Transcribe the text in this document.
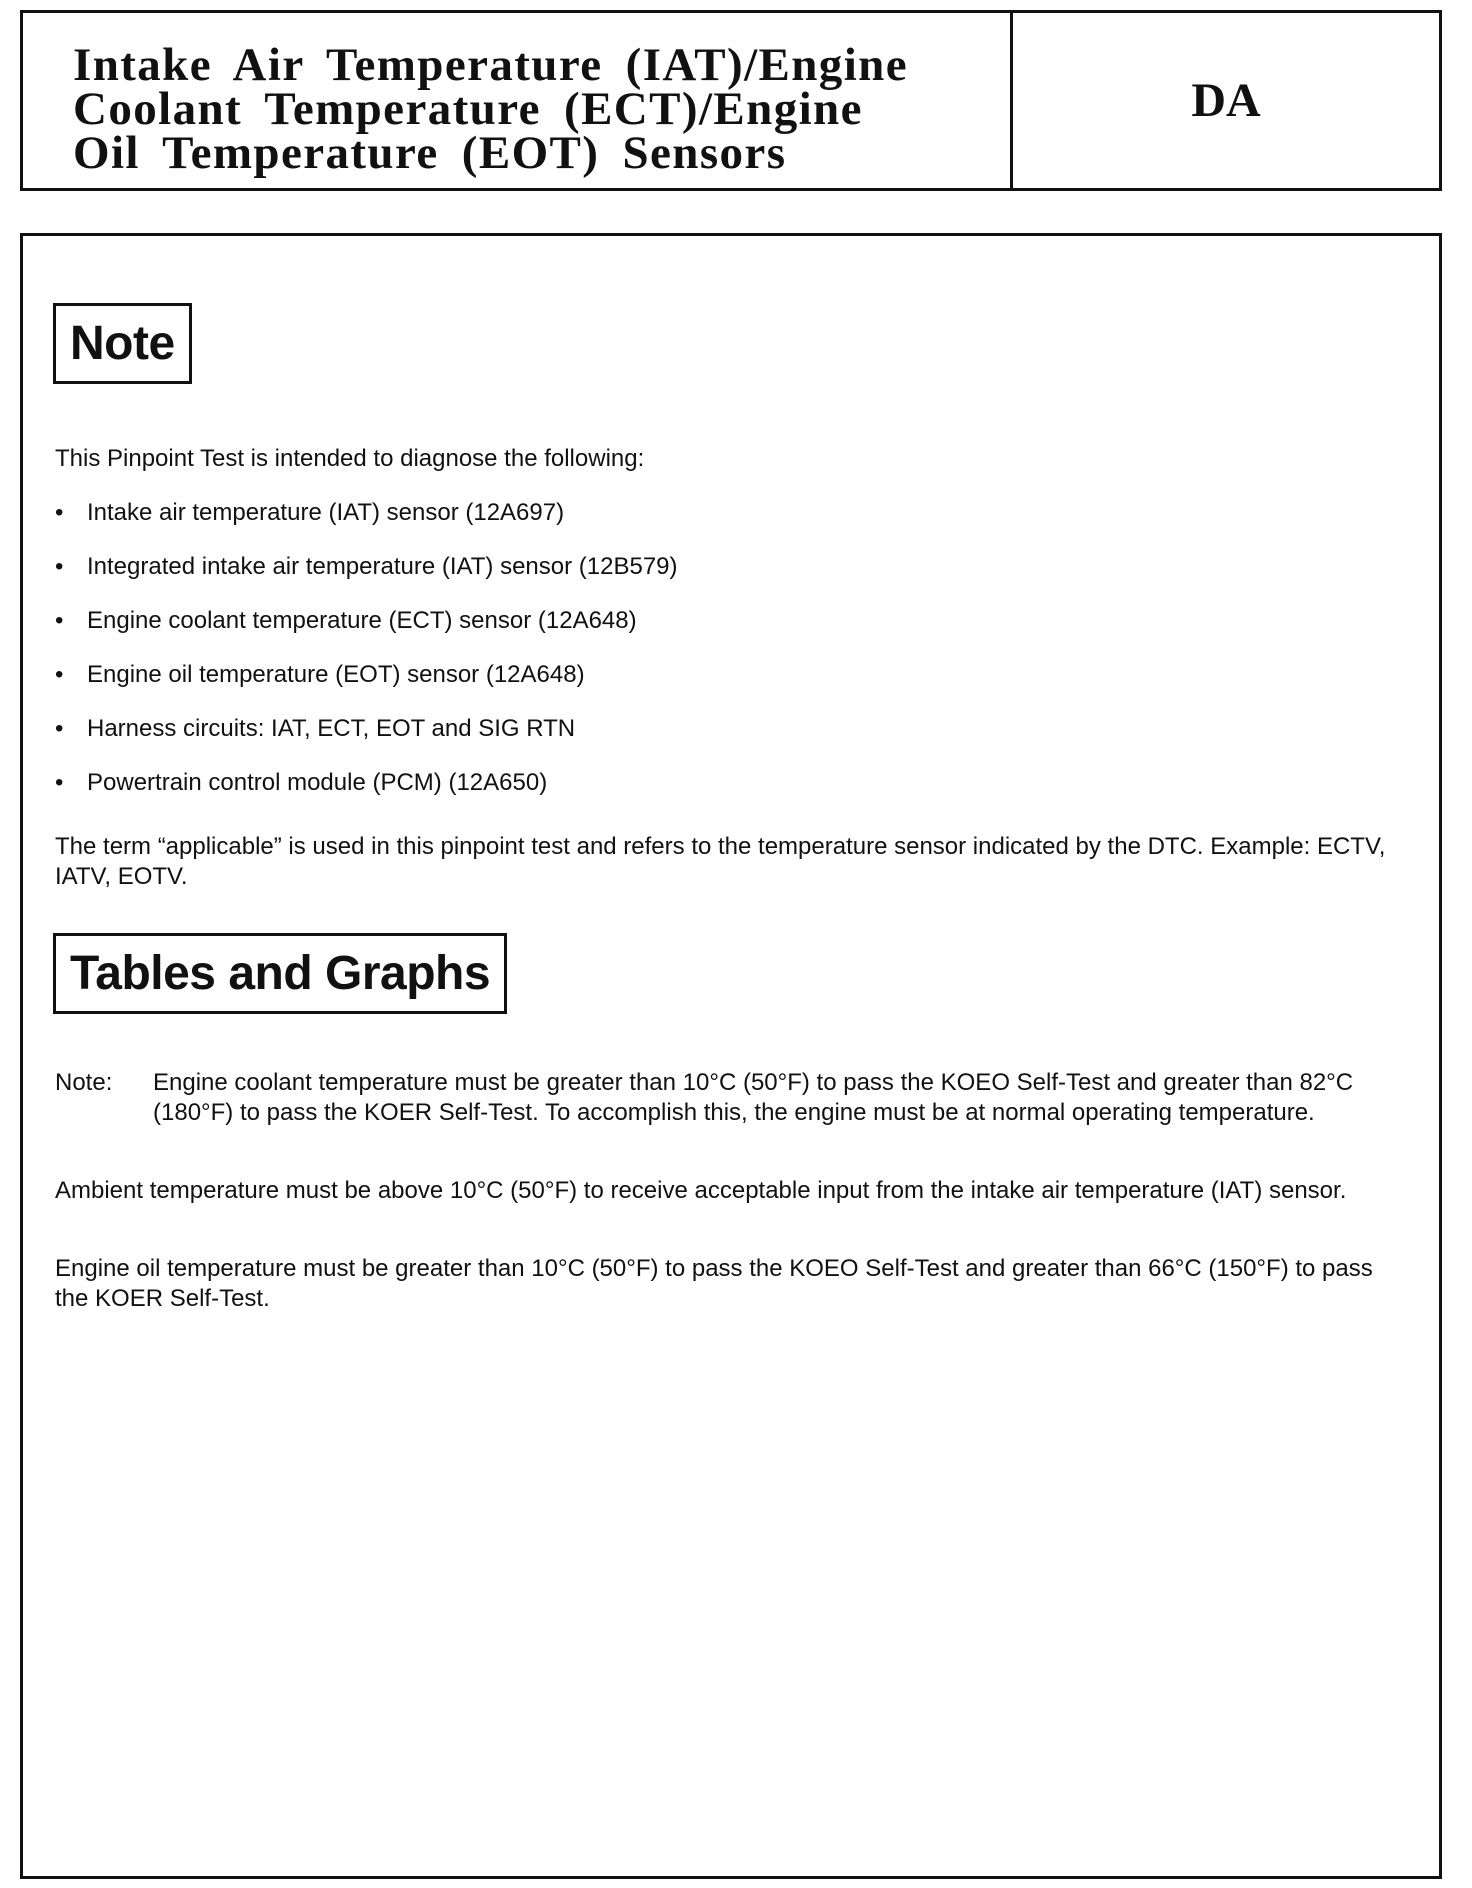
Intake Air Temperature (IAT)/Engine
Coolant Temperature (ECT)/Engine
Oil Temperature (EOT) Sensors
DA
Note

This Pinpoint Test is intended to diagnose the following:

• Intake air temperature (IAT) sensor (12A697)
• Integrated intake air temperature (IAT) sensor (12B579)
• Engine coolant temperature (ECT) sensor (12A648)
• Engine oil temperature (EOT) sensor (12A648)
• Harness circuits: IAT, ECT, EOT and SIG RTN
• Powertrain control module (PCM) (12A650)

The term “applicable” is used in this pinpoint test and refers to the temperature sensor indicated by the DTC. Example: ECTV, IATV, EOTV.

Tables and Graphs
Note:	Engine coolant temperature must be greater than 10°C (50°F) to pass the KOEO Self-Test and greater than 82°C (180°F) to pass the KOER Self-Test. To accomplish this, the engine must be at normal operating temperature.

Ambient temperature must be above 10°C (50°F) to receive acceptable input from the intake air temperature (IAT) sensor.

Engine oil temperature must be greater than 10°C (50°F) to pass the KOEO Self-Test and greater than 66°C (150°F) to pass the KOER Self-Test.
